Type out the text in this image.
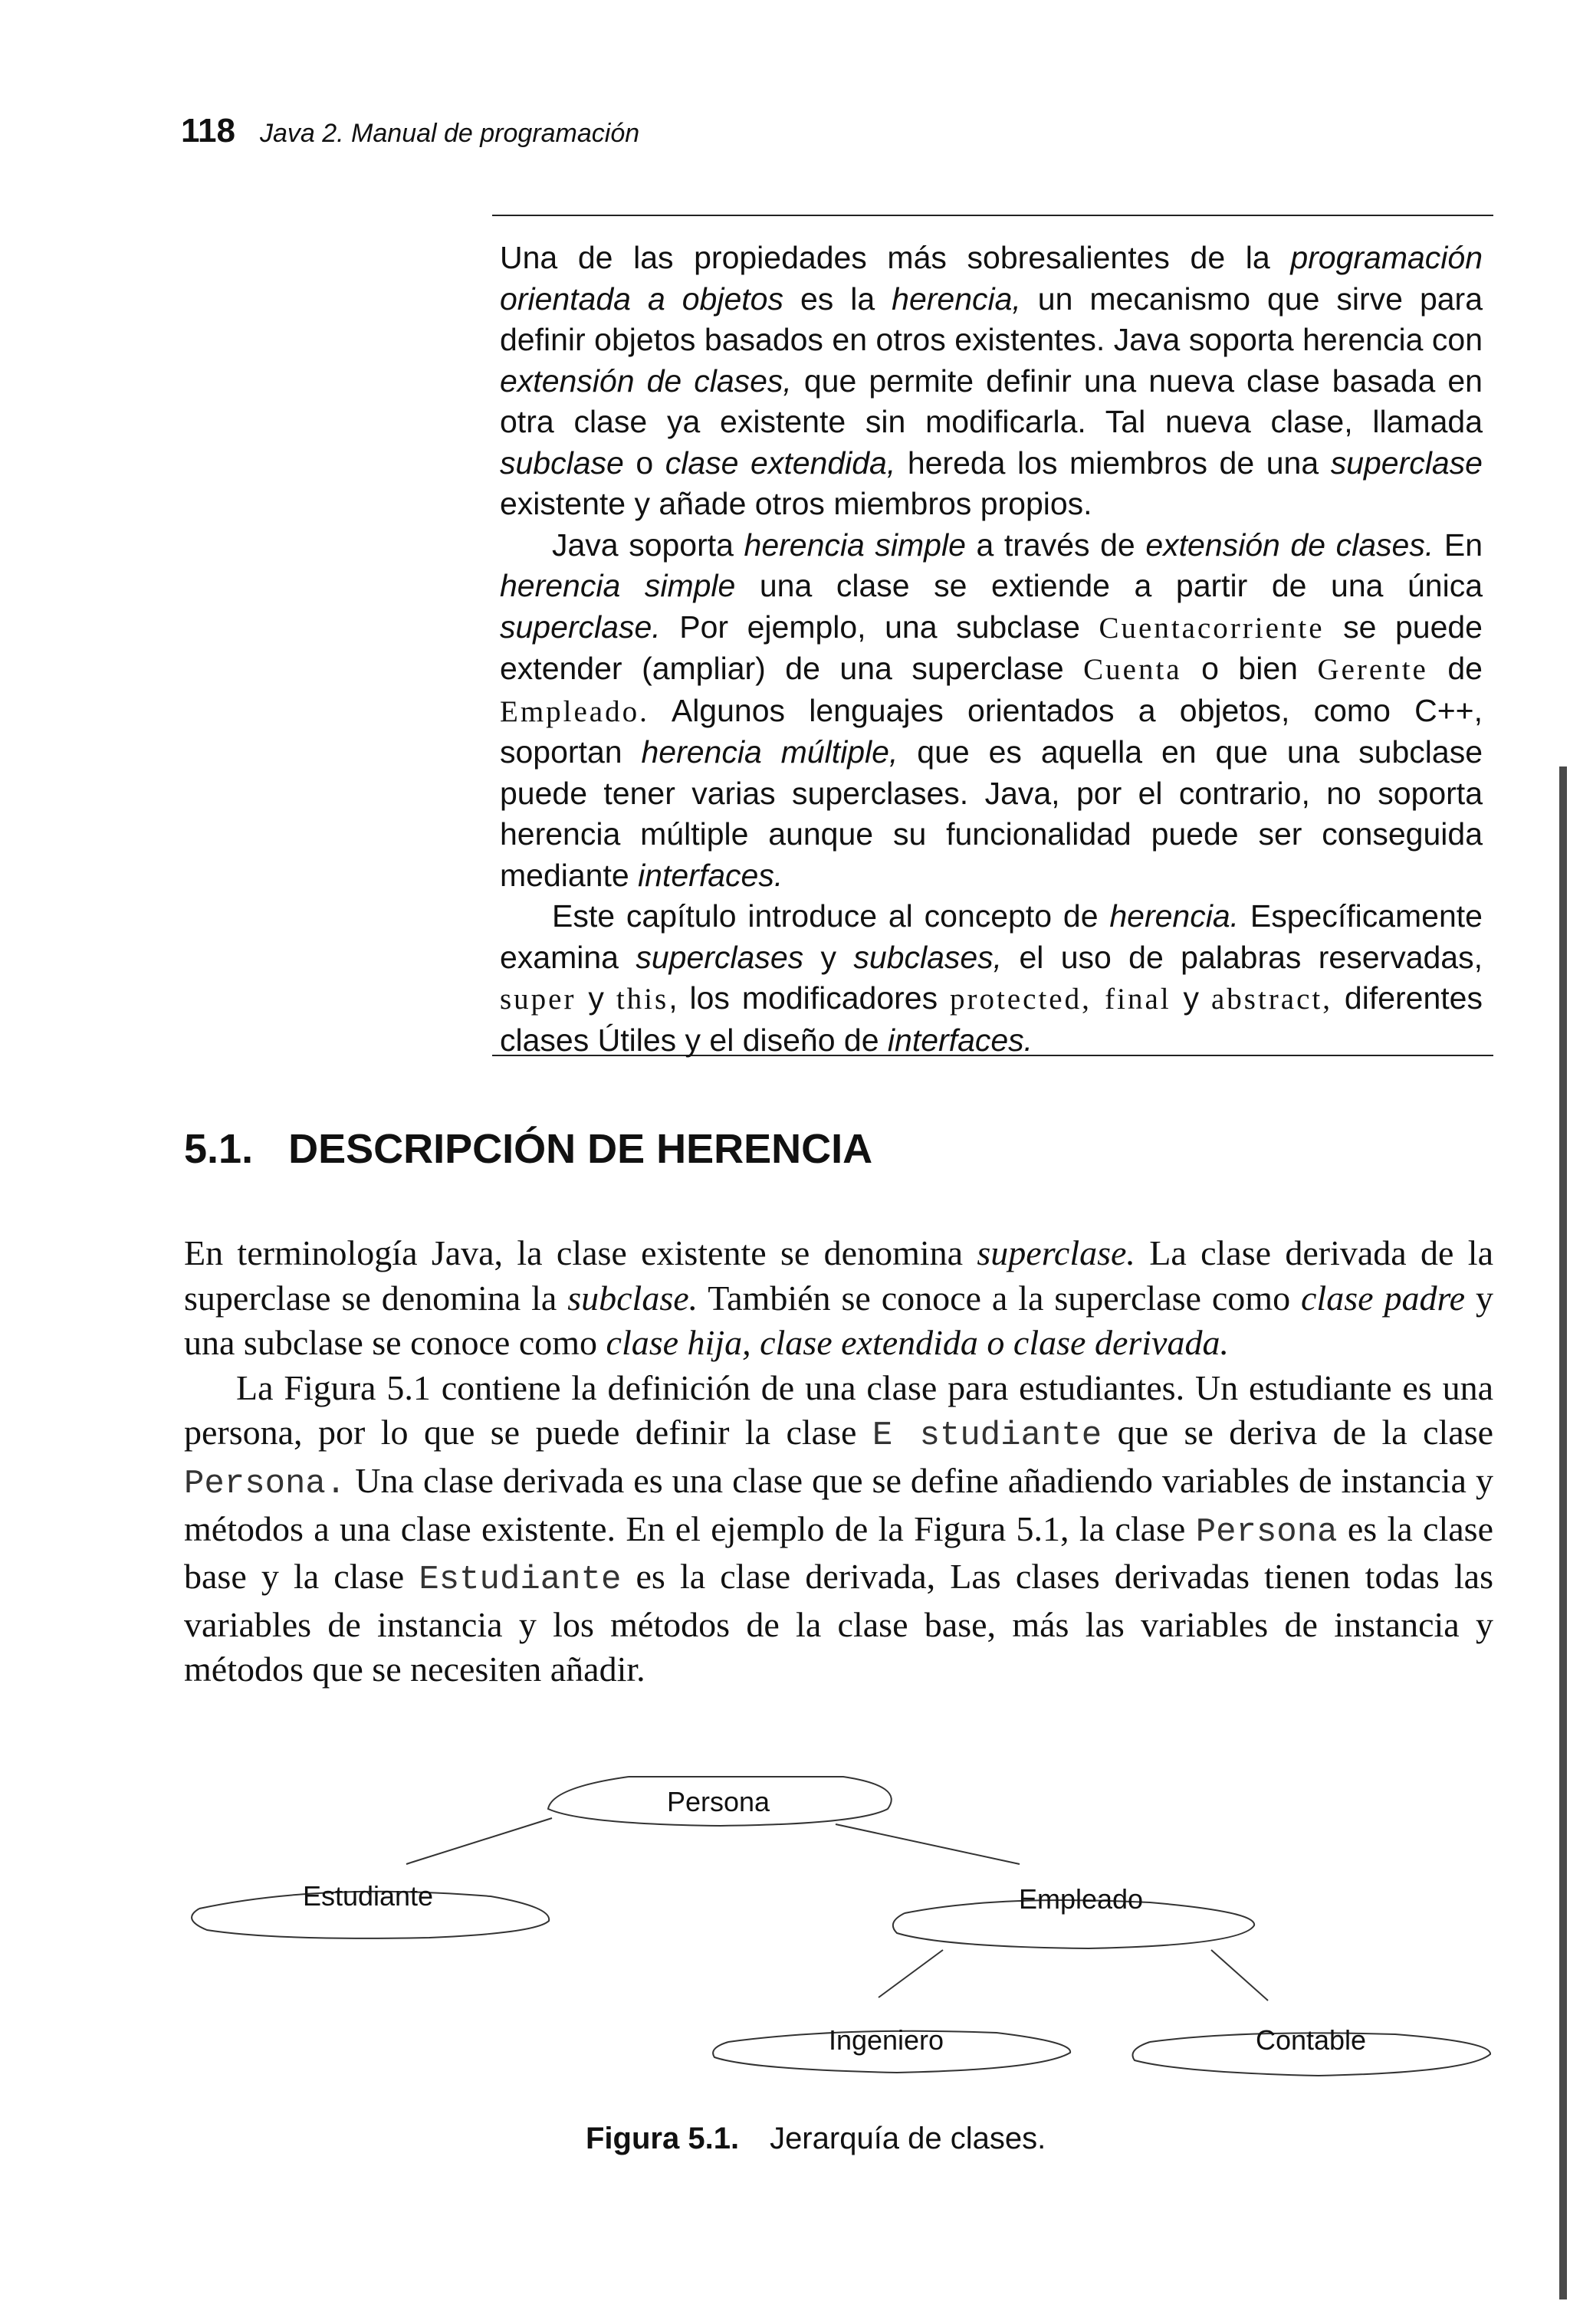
118 Java 2. Manual de programación

Una de las propiedades más sobresalientes de la programación orientada a objetos es la herencia, un mecanismo que sirve para definir objetos basados en otros existentes. Java soporta herencia con extensión de clases, que permite definir una nueva clase basada en otra clase ya existente sin modificarla. Tal nueva clase, llamada subclase o clase extendida, hereda los miembros de una superclase existente y añade otros miembros propios.

Java soporta herencia simple a través de extensión de clases. En herencia simple una clase se extiende a partir de una única superclase. Por ejemplo, una subclase Cuentacorriente se puede extender (ampliar) de una superclase Cuenta o bien Gerente de Empleado. Algunos lenguajes orientados a objetos, como C++, soportan herencia múltiple, que es aquella en que una subclase puede tener varias superclases. Java, por el contrario, no soporta herencia múltiple aunque su funcionalidad puede ser conseguida mediante interfaces.

Este capítulo introduce al concepto de herencia. Específicamente examina superclases y subclases, el uso de palabras reservadas, super y this, los modificadores protected, final y abstract, diferentes clases Útiles y el diseño de interfaces.

5.1. DESCRIPCIÓN DE HERENCIA

En terminología Java, la clase existente se denomina superclase. La clase derivada de la superclase se denomina la subclase. También se conoce a la superclase como clase padre y una subclase se conoce como clase hija, clase extendida o clase derivada.

La Figura 5.1 contiene la definición de una clase para estudiantes. Un estudiante es una persona, por lo que se puede definir la clase E studiante que se deriva de la clase Persona. Una clase derivada es una clase que se define añadiendo variables de instancia y métodos a una clase existente. En el ejemplo de la Figura 5.1, la clase Persona es la clase base y la clase Estudiante es la clase derivada, Las clases derivadas tienen todas las variables de instancia y los métodos de la clase base, más las variables de instancia y métodos que se necesiten añadir.

Persona
Estudiante	Empleado
Ingeniero	Contable
Figura 5.1. Jerarquía de clases.
